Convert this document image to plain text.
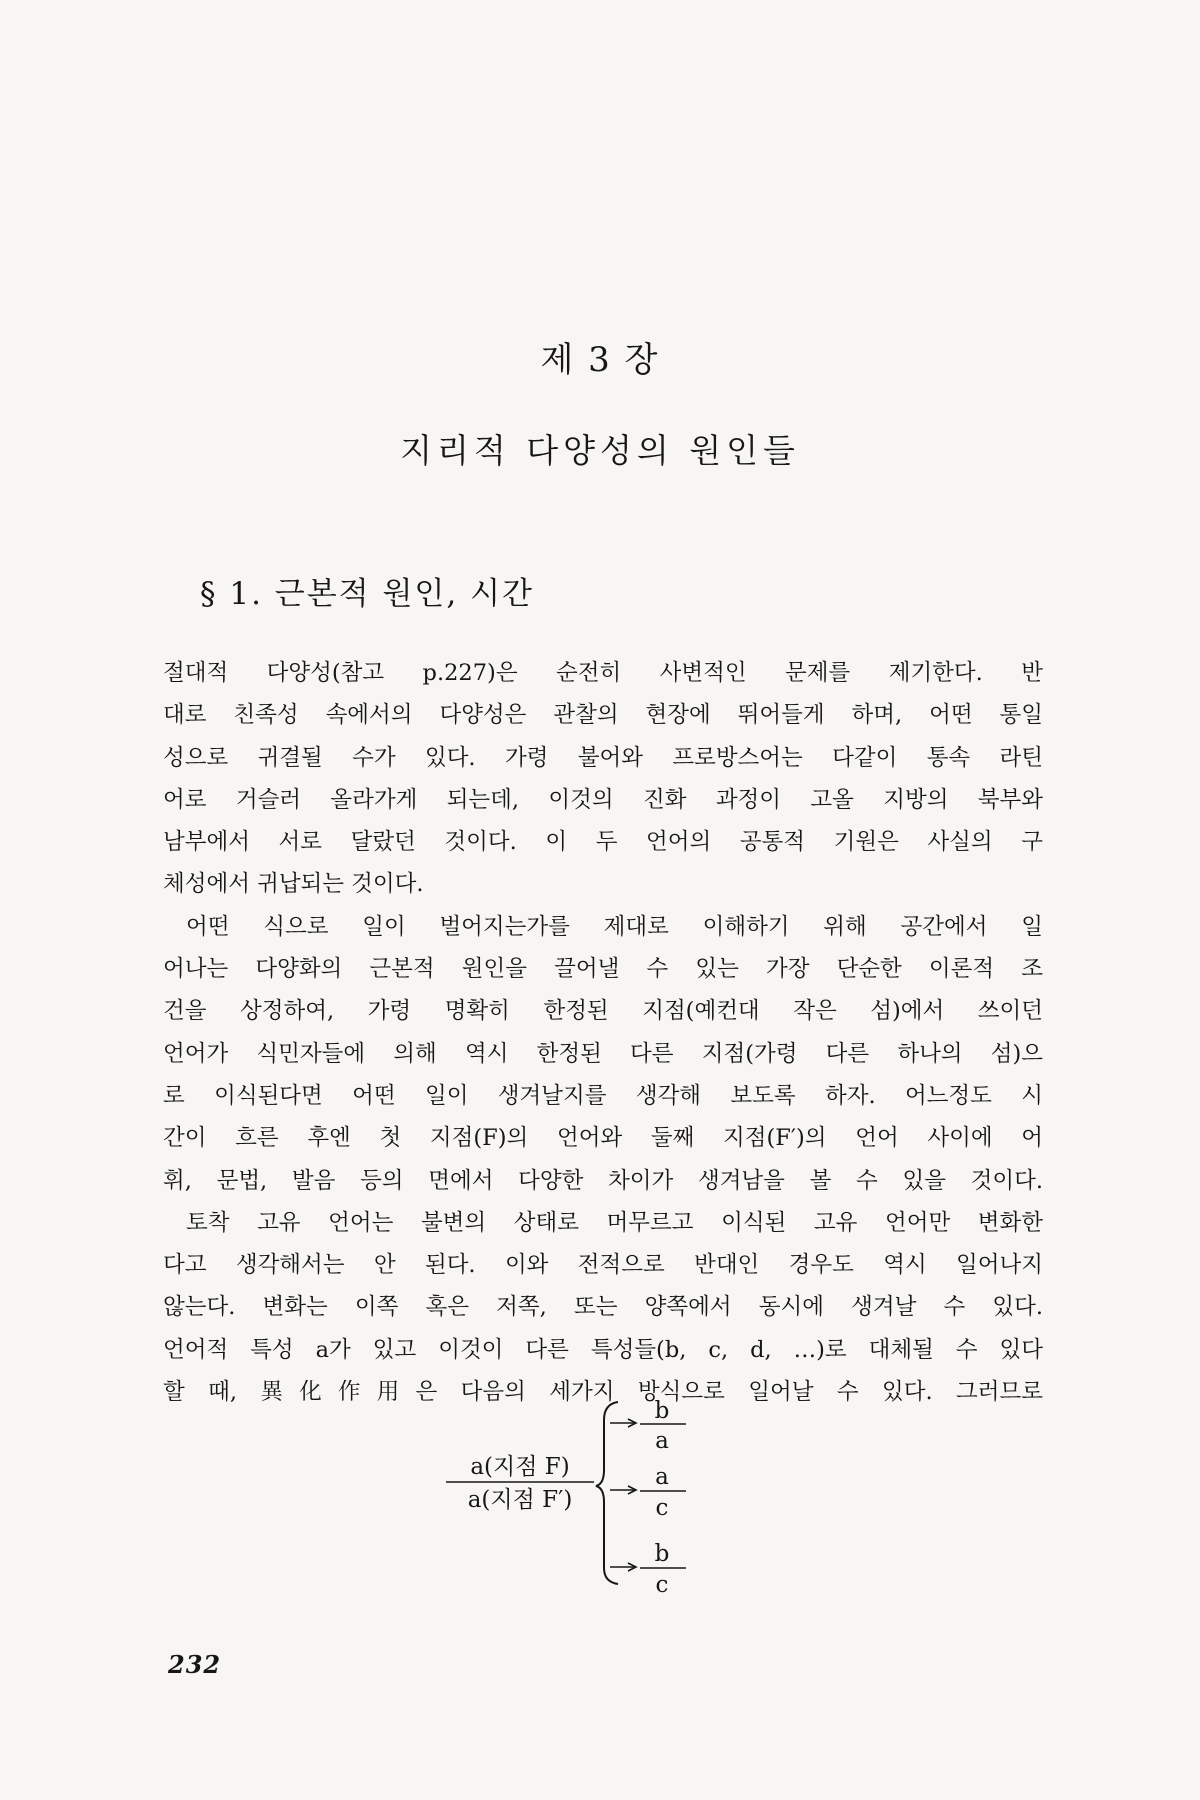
제 3 장
지리적 다양성의 원인들
§ 1. 근본적 원인, 시간
절대적 다양성(참고 p.227)은 순전히 사변적인 문제를 제기한다. 반
대로 친족성 속에서의 다양성은 관찰의 현장에 뛰어들게 하며, 어떤 통일
성으로 귀결될 수가 있다. 가령 불어와 프로방스어는 다같이 통속 라틴
어로 거슬러 올라가게 되는데, 이것의 진화 과정이 고올 지방의 북부와
남부에서 서로 달랐던 것이다. 이 두 언어의 공통적 기원은 사실의 구
체성에서 귀납되는 것이다.
어떤 식으로 일이 벌어지는가를 제대로 이해하기 위해 공간에서 일
어나는 다양화의 근본적 원인을 끌어낼 수 있는 가장 단순한 이론적 조
건을 상정하여, 가령 명확히 한정된 지점(예컨대 작은 섬)에서 쓰이던
언어가 식민자들에 의해 역시 한정된 다른 지점(가령 다른 하나의 섬)으
로 이식된다면 어떤 일이 생겨날지를 생각해 보도록 하자. 어느정도 시
간이 흐른 후엔 첫 지점(F)의 언어와 둘째 지점(F′)의 언어 사이에 어
휘, 문법, 발음 등의 면에서 다양한 차이가 생겨남을 볼 수 있을 것이다.
토착 고유 언어는 불변의 상태로 머무르고 이식된 고유 언어만 변화한
다고 생각해서는 안 된다. 이와 전적으로 반대인 경우도 역시 일어나지
않는다. 변화는 이쪽 혹은 저쪽, 또는 양쪽에서 동시에 생겨날 수 있다.
언어적 특성 a가 있고 이것이 다른 특성들(b, c, d, …)로 대체될 수 있다
할 때, 異化作用은 다음의 세가지 방식으로 일어날 수 있다. 그러므로
a(지점 F)
a(지점 F′)
b
a
a
c
b
c
232
